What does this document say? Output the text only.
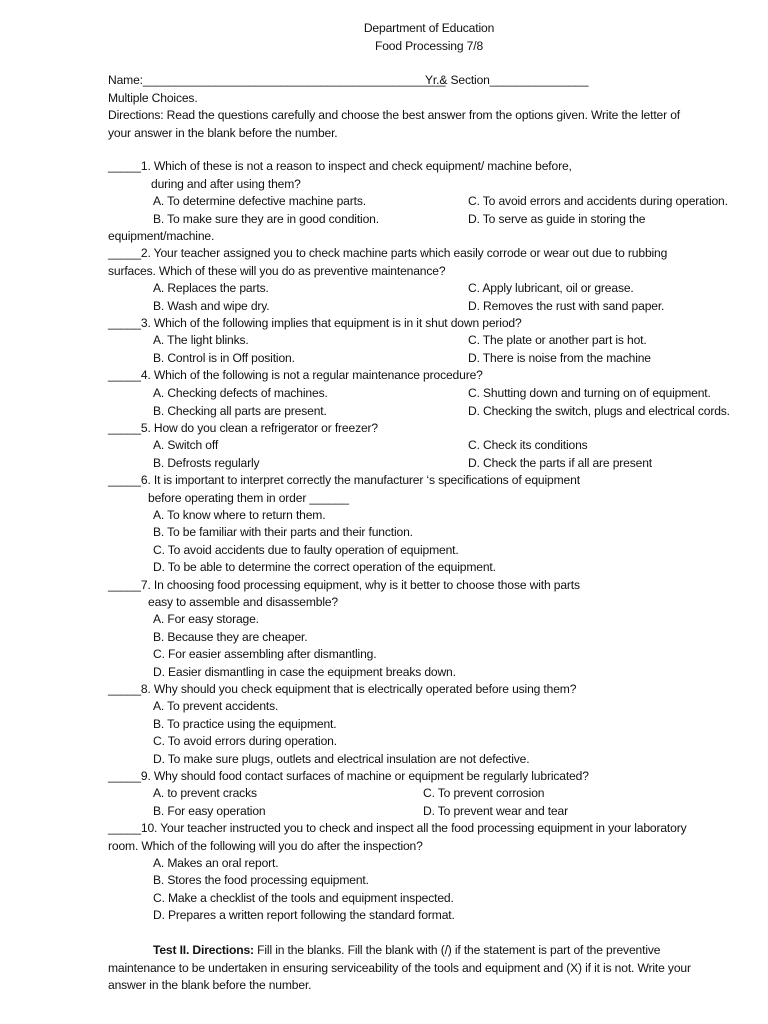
Department of Education
Food Processing 7/8
Name:______________________________________________
Yr.& Section_______________
Multiple Choices.
Directions: Read the questions carefully and choose the best answer from the options given. Write the letter of
your answer in the blank before the number.
_____1. Which of these is not a reason to inspect and check equipment/ machine before,
during and after using them?
A. To determine defective machine parts.	C. To avoid errors and accidents during operation.
B. To make sure they are in good condition.	D. To serve as guide in storing the
equipment/machine.
_____2. Your teacher assigned you to check machine parts which easily corrode or wear out due to rubbing
surfaces. Which of these will you do as preventive maintenance?
A. Replaces the parts.	C. Apply lubricant, oil or grease.
B. Wash and wipe dry.	D. Removes the rust with sand paper.
_____3. Which of the following implies that equipment is in it shut down period?
A. The light blinks.	C. The plate or another part is hot.
B. Control is in Off position.	D. There is noise from the machine
_____4. Which of the following is not a regular maintenance procedure?
A. Checking defects of machines.	C. Shutting down and turning on of equipment.
B. Checking all parts are present.	D. Checking the switch, plugs and electrical cords.
_____5. How do you clean a refrigerator or freezer?
A. Switch off	C. Check its conditions
B. Defrosts regularly	D. Check the parts if all are present
_____6. It is important to interpret correctly the manufacturer ‘s specifications of equipment
before operating them in order ______
A. To know where to return them.
B. To be familiar with their parts and their function.
C. To avoid accidents due to faulty operation of equipment.
D. To be able to determine the correct operation of the equipment.
_____7. In choosing food processing equipment, why is it better to choose those with parts
easy to assemble and disassemble?
A. For easy storage.
B. Because they are cheaper.
C. For easier assembling after dismantling.
D. Easier dismantling in case the equipment breaks down.
_____8. Why should you check equipment that is electrically operated before using them?
A. To prevent accidents.
B. To practice using the equipment.
C. To avoid errors during operation.
D. To make sure plugs, outlets and electrical insulation are not defective.
_____9. Why should food contact surfaces of machine or equipment be regularly lubricated?
A. to prevent cracks	C. To prevent corrosion
B. For easy operation	D. To prevent wear and tear
_____10. Your teacher instructed you to check and inspect all the food processing equipment in your laboratory
room. Which of the following will you do after the inspection?
A. Makes an oral report.
B. Stores the food processing equipment.
C. Make a checklist of the tools and equipment inspected.
D. Prepares a written report following the standard format.
Test II. Directions: Fill in the blanks. Fill the blank with (/) if the statement is part of the preventive
maintenance to be undertaken in ensuring serviceability of the tools and equipment and (X) if it is not. Write your
answer in the blank before the number.
